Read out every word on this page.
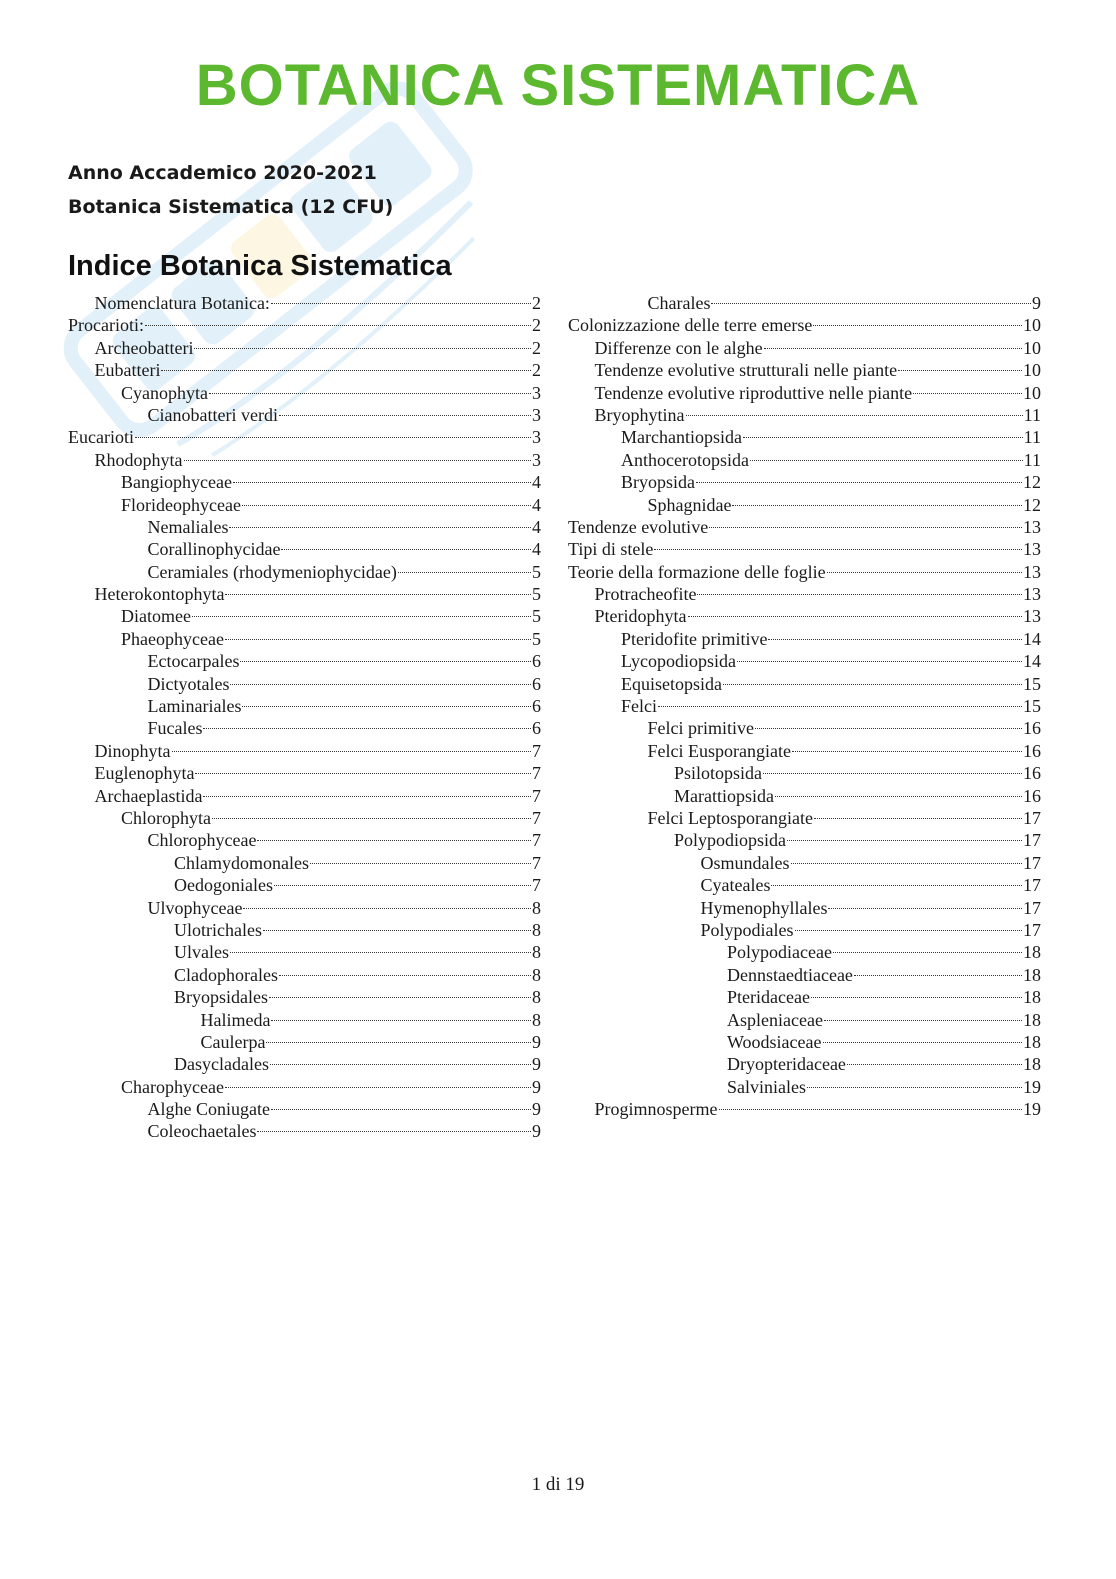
BOTANICA SISTEMATICA
Anno Accademico 2020-2021
Botanica Sistematica (12 CFU)
Indice Botanica Sistematica
Nomenclatura Botanica:	2
Procarioti:	2
Archeobatteri	2
Eubatteri	2
Cyanophyta	3
Cianobatteri verdi	3
Eucarioti	3
Rhodophyta	3
Bangiophyceae	4
Florideophyceae	4
Nemaliales	4
Corallinophycidae	4
Ceramiales (rhodymeniophycidae)	5
Heterokontophyta	5
Diatomee	5
Phaeophyceae	5
Ectocarpales	6
Dictyotales	6
Laminariales	6
Fucales	6
Dinophyta	7
Euglenophyta	7
Archaeplastida	7
Chlorophyta	7
Chlorophyceae	7
Chlamydomonales	7
Oedogoniales	7
Ulvophyceae	8
Ulotrichales	8
Ulvales	8
Cladophorales	8
Bryopsidales	8
Halimeda	8
Caulerpa	9
Dasycladales	9
Charophyceae	9
Alghe Coniugate	9
Coleochaetales	9
Charales	9
Colonizzazione delle terre emerse	10
Differenze con le alghe	10
Tendenze evolutive strutturali nelle piante	10
Tendenze evolutive riproduttive nelle piante	10
Bryophytina	11
Marchantiopsida	11
Anthocerotopsida	11
Bryopsida	12
Sphagnidae	12
Tendenze evolutive	13
Tipi di stele	13
Teorie della formazione delle foglie	13
Protracheofite	13
Pteridophyta	13
Pteridofite primitive	14
Lycopodiopsida	14
Equisetopsida	15
Felci	15
Felci primitive	16
Felci Eusporangiate	16
Psilotopsida	16
Marattiopsida	16
Felci Leptosporangiate	17
Polypodiopsida	17
Osmundales	17
Cyateales	17
Hymenophyllales	17
Polypodiales	17
Polypodiaceae	18
Dennstaedtiaceae	18
Pteridaceae	18
Aspleniaceae	18
Woodsiaceae	18
Dryopteridaceae	18
Salviniales	19
Progimnosperme	19
1 di 19
